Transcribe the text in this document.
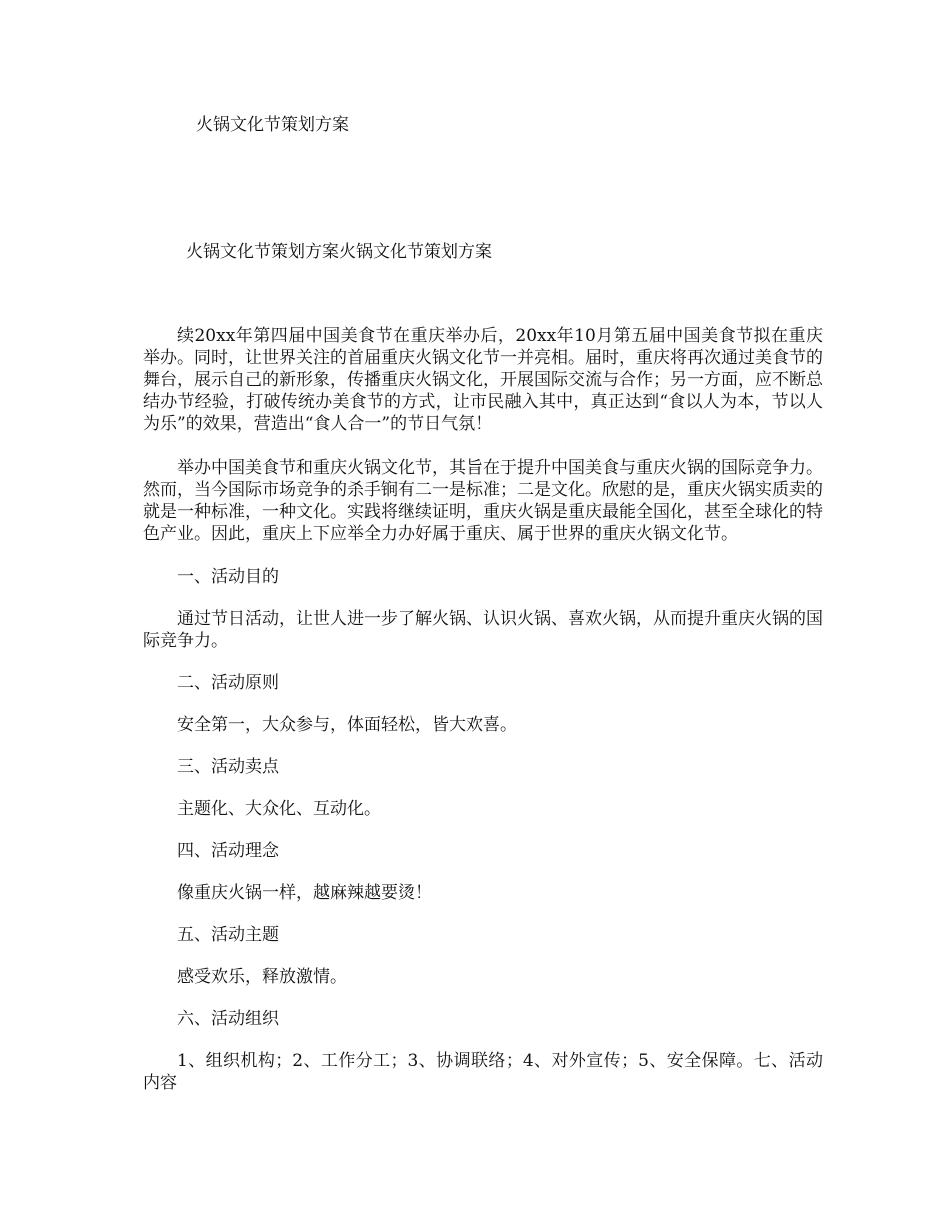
火锅文化节策划方案
火锅文化节策划方案火锅文化节策划方案

续20xx年第四届中国美食节在重庆举办后，20xx年10月第五届中国美食节拟在重庆举办。同时，让世界关注的首届重庆火锅文化节一并亮相。届时，重庆将再次通过美食节的舞台，展示自己的新形象，传播重庆火锅文化，开展国际交流与合作；另一方面，应不断总结办节经验，打破传统办美食节的方式，让市民融入其中，真正达到“食以人为本，节以人为乐”的效果，营造出“食人合一”的节日气氛！

举办中国美食节和重庆火锅文化节，其旨在于提升中国美食与重庆火锅的国际竞争力。然而，当今国际市场竞争的杀手锏有二一是标准；二是文化。欣慰的是，重庆火锅实质卖的就是一种标准，一种文化。实践将继续证明，重庆火锅是重庆最能全国化，甚至全球化的特色产业。因此，重庆上下应举全力办好属于重庆、属于世界的重庆火锅文化节。

一、活动目的

通过节日活动，让世人进一步了解火锅、认识火锅、喜欢火锅，从而提升重庆火锅的国际竞争力。

二、活动原则

安全第一，大众参与，体面轻松，皆大欢喜。

三、活动卖点

主题化、大众化、互动化。

四、活动理念

像重庆火锅一样，越麻辣越要烫！

五、活动主题

感受欢乐，释放激情。

六、活动组织

1、组织机构；2、工作分工；3、协调联络；4、对外宣传；5、安全保障。七、活动内容
